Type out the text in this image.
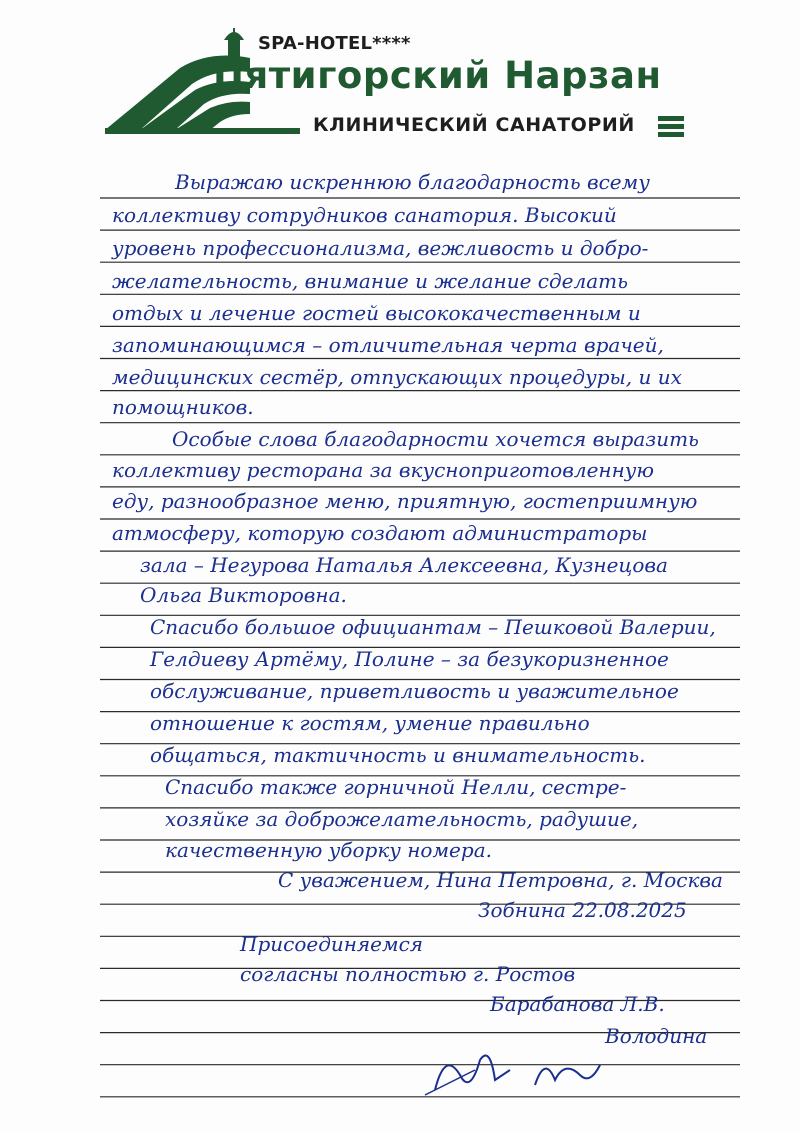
SPA-HOTEL****
Пятигорский Нарзан
КЛИНИЧЕСКИЙ САНАТОРИЙ
Выражаю искреннюю благодарность всему
коллективу сотрудников санатория. Высокий
уровень профессионализма, вежливость и добро-
желательность, внимание и желание сделать
отдых и лечение гостей высококачественным и
запоминающимся – отличительная черта врачей,
медицинских сестёр, отпускающих процедуры, и их
помощников.
Особые слова благодарности хочется выразить
коллективу ресторана за вкусноприготовленную
еду, разнообразное меню, приятную, гостеприимную
атмосферу, которую создают администраторы
зала – Негурова Наталья Алексеевна, Кузнецова
Ольга Викторовна.
Спасибо большое официантам – Пешковой Валерии,
Гелдиеву Артёму, Полине – за безукоризненное
обслуживание, приветливость и уважительное
отношение к гостям, умение правильно
общаться, тактичность и внимательность.
Спасибо также горничной Нелли, сестре-
хозяйке за доброжелательность, радушие,
качественную уборку номера.
С уважением, Нина Петровна, г. Москва
Зобнина 22.08.2025
Присоединяемся
согласны полностью г. Ростов
Барабанова Л.В.
Володина
